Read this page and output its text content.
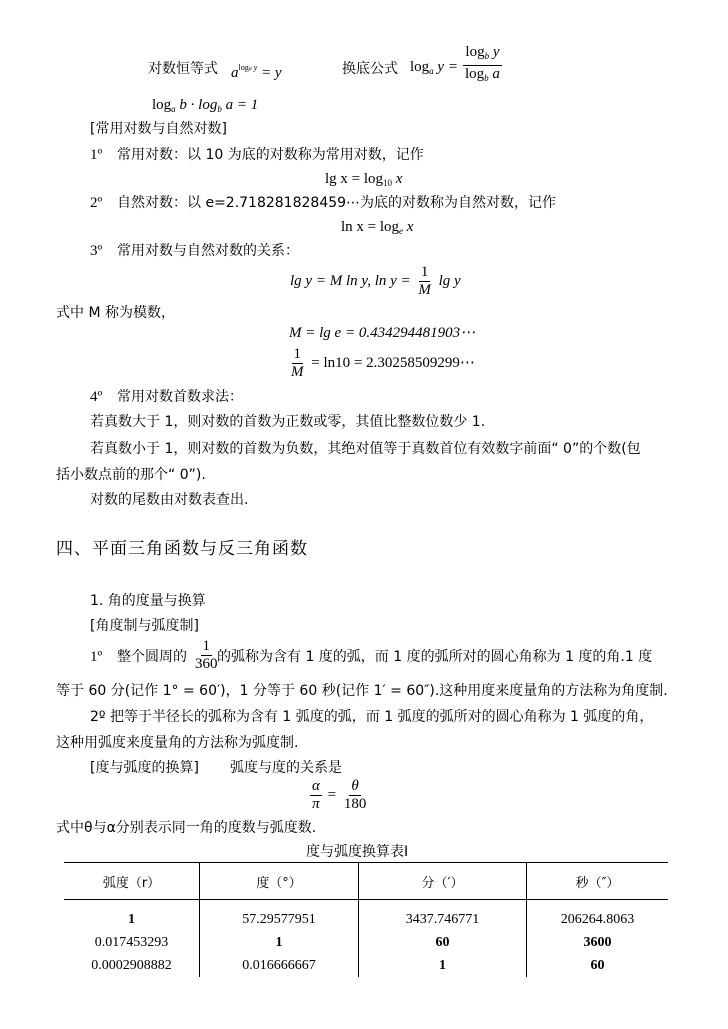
对数恒等式 $a^{loga y} = y$	换底公式 $\log_a y = \frac{\log_b y}{\log_b a}$
$\log_a b \cdot \log_b a = 1$
[常用对数与自然对数]
1º 常用对数：以 10 为底的对数称为常用对数，记作
$\lg x = \log_{10} x$
2º 自然对数：以 e=2.718281828459⋯为底的对数称为自然对数，记作
$\ln x = \log_e x$
3º 常用对数与自然对数的关系：
lg y = M ln y, $\ln y = \frac{1}{M}$ lg y
式中 M 称为模数，
M = lg e = 0.434294481903⋯
$\frac{1}{M} = \ln 10$ = 2.30258509299⋯
4º 常用对数首数求法：
若真数大于 1，则对数的首数为正数或零，其值比整数位数少 1.
若真数小于 1，则对数的首数为负数，其绝对值等于真数首位有效数字前面“ 0”的个数(包
括小数点前的那个“ 0”).
对数的尾数由对数表查出.
四、平面三角函数与反三角函数
1. 角的度量与换算
[角度制与弧度制]
1º 整个圆周的 $\frac{1}{360}$
的弧称为含有 1 度的弧，而 1 度的弧所对的圆心角称为 1 度的角.1 度
等于 60 分(记作 1° = 60′)，1 分等于 60 秒(记作 1′ = 60″).这种用度来度量角的方法称为角度制.
2º 把等于半径长的弧称为含有 1 弧度的弧，而 1 弧度的弧所对的圆心角称为 1 弧度的角，
这种用弧度来度量角的方法称为弧度制.
[度与弧度的换算] 弧度与度的关系是
$\frac{\alpha}{\pi} = \frac{\theta}{180}$
式中θ与α分别表示同一角的度数与弧度数.
度与弧度换算表Ⅰ
弧度（r）	度（°）	分（′）	秒（″）
1	57.29577951	3437.746771	206264.8063
0.017453293	1	60	3600
0.0002908882	0.016666667	1	60
